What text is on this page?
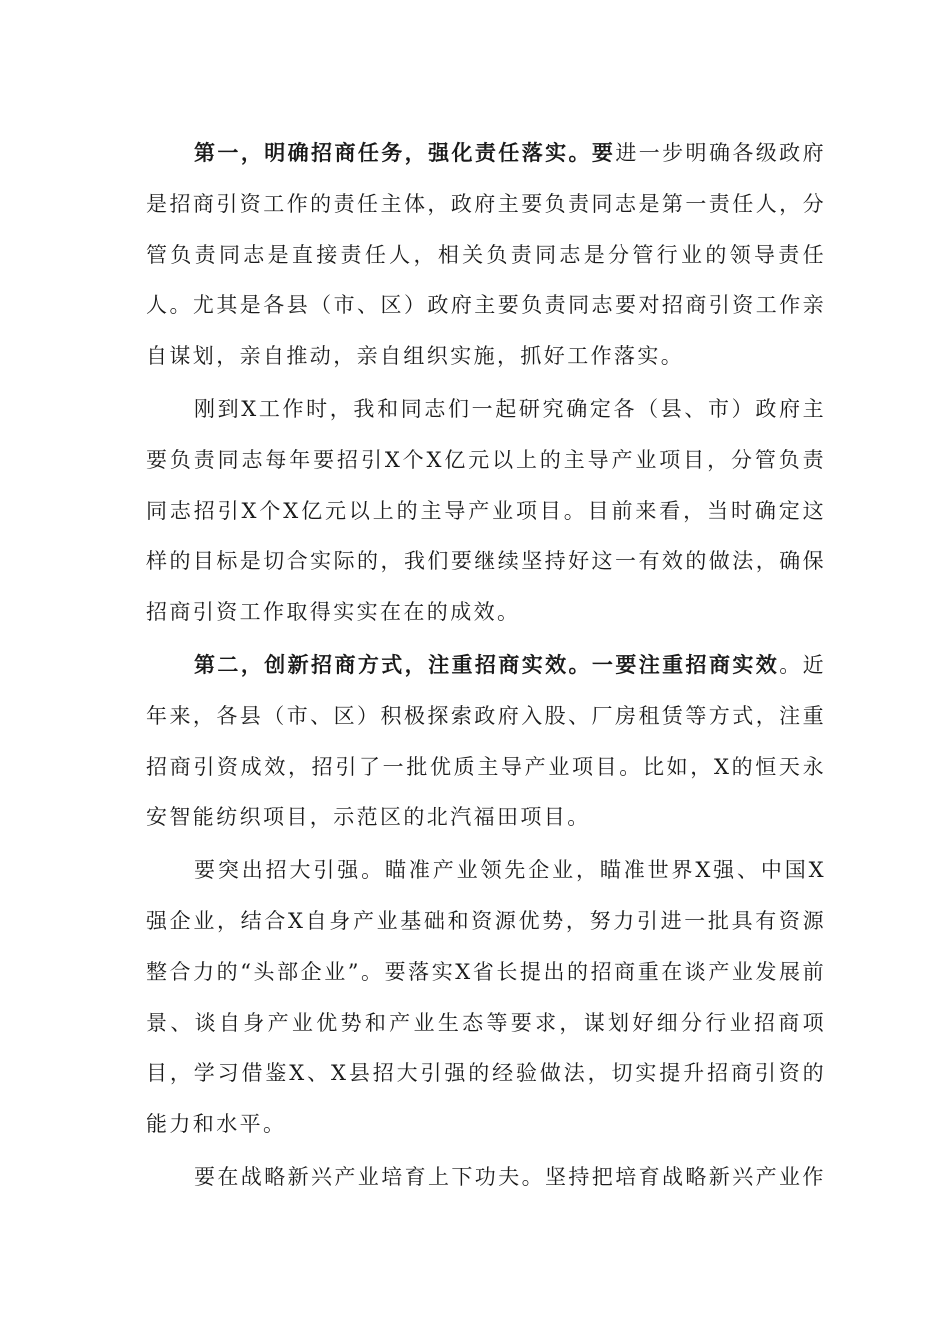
第一，明确招商任务，强化责任落实。要进一步明确各级政府是招商引资工作的责任主体，政府主要负责同志是第一责任人，分管负责同志是直接责任人，相关负责同志是分管行业的领导责任人。尤其是各县（市、区）政府主要负责同志要对招商引资工作亲自谋划，亲自推动，亲自组织实施，抓好工作落实。

刚到X工作时，我和同志们一起研究确定各（县、市）政府主要负责同志每年要招引X个X亿元以上的主导产业项目，分管负责同志招引X个X亿元以上的主导产业项目。目前来看，当时确定这样的目标是切合实际的，我们要继续坚持好这一有效的做法，确保招商引资工作取得实实在在的成效。

第二，创新招商方式，注重招商实效。一要注重招商实效。近年来，各县（市、区）积极探索政府入股、厂房租赁等方式，注重招商引资成效，招引了一批优质主导产业项目。比如，X的恒天永安智能纺织项目，示范区的北汽福田项目。

要突出招大引强。瞄准产业领先企业，瞄准世界X强、中国X强企业，结合X自身产业基础和资源优势，努力引进一批具有资源整合力的“头部企业”。要落实X省长提出的招商重在谈产业发展前景、谈自身产业优势和产业生态等要求，谋划好细分行业招商项目，学习借鉴X、X县招大引强的经验做法，切实提升招商引资的能力和水平。

要在战略新兴产业培育上下功夫。坚持把培育战略新兴产业作
